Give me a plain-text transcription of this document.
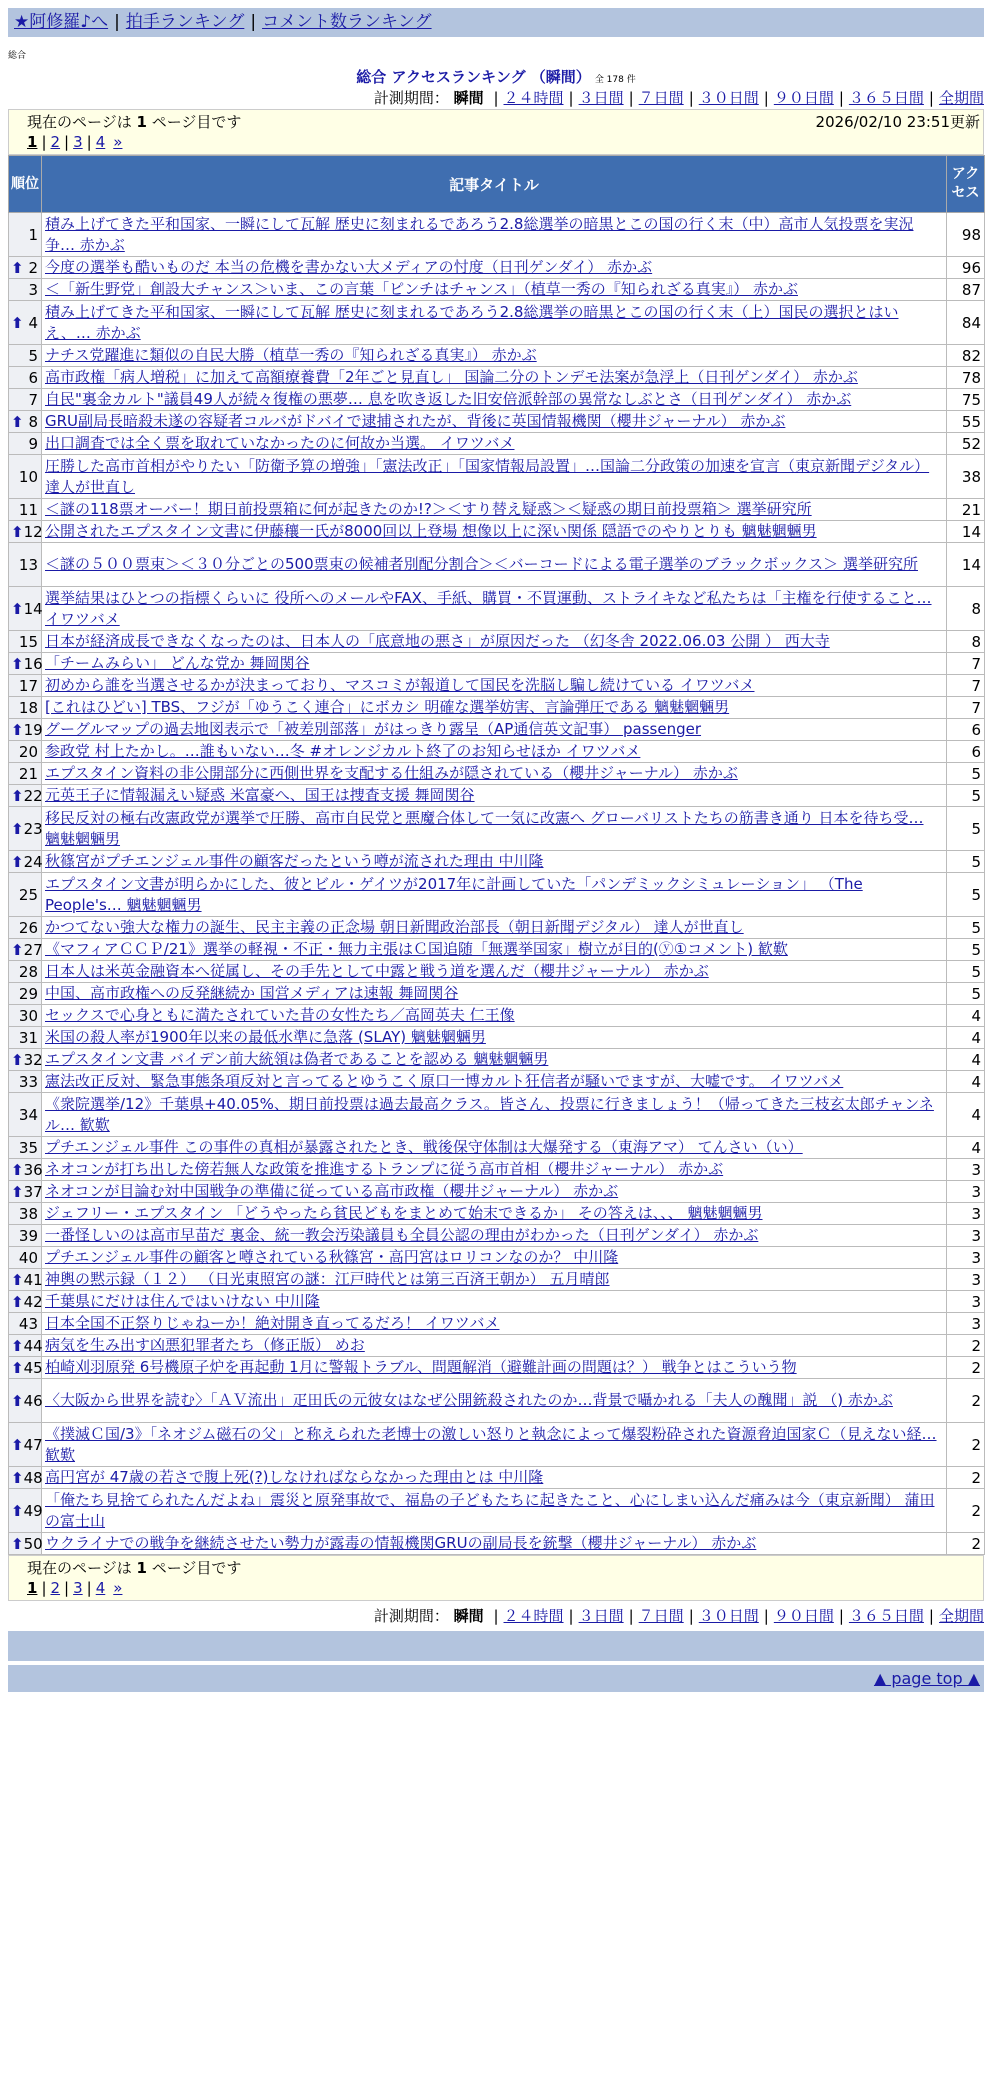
★阿修羅♪へ | 拍手ランキング | コメント数ランキング
総合
総合 アクセスランキング （瞬間） 全 178 件
計測期間： 瞬間 | ２４時間 | ３日間 | ７日間 | ３０日間 | ９０日間 | ３６５日間 | 全期間
現在のページは 1 ページ目です	2026/02/10 23:51更新
1 | 2 | 3 | 4 »
順位	記事タイトル	アクセス
1	積み上げてきた平和国家、一瞬にして瓦解 歴史に刻まれるであろう2.8総選挙の暗黒とこの国の行く末（中）高市人気投票を実況争… 赤かぶ	98

⬆ 2	今度の選挙も酷いものだ 本当の危機を書かない大メディアの忖度（日刊ゲンダイ） 赤かぶ	96
3	＜「新生野党」創設大チャンス＞いま、この言葉「ピンチはチャンス」（植草一秀の『知られざる真実』） 赤かぶ	87

⬆ 4	積み上げてきた平和国家、一瞬にして瓦解 歴史に刻まれるであろう2.8総選挙の暗黒とこの国の行く末（上）国民の選択とはいえ、… 赤かぶ	84
5	ナチス党躍進に類似の自民大勝（植草一秀の『知られざる真実』） 赤かぶ	82
6	高市政権「病人増税」に加えて高額療養費「2年ごと見直し」 国論二分のトンデモ法案が急浮上（日刊ゲンダイ） 赤かぶ	78
7	自民"裏金カルト"議員49人が続々復権の悪夢… 息を吹き返した旧安倍派幹部の異常なしぶとさ（日刊ゲンダイ） 赤かぶ	75

⬆ 8	GRU副局長暗殺未遂の容疑者コルバがドバイで逮捕されたが、背後に英国情報機関（櫻井ジャーナル） 赤かぶ	55
9	出口調査では全く票を取れていなかったのに何故か当選。 イワツバメ	52
10	圧勝した高市首相がやりたい「防衛予算の増強」「憲法改正」「国家情報局設置」…国論二分政策の加速を宣言（東京新聞デジタル） 達人が世直し	38
11	＜謎の118票オーバー！期日前投票箱に何が起きたのか!?＞＜すり替え疑惑＞＜疑惑の期日前投票箱＞ 選挙研究所	21

⬆ 12	公開されたエプスタイン文書に伊藤穰一氏が8000回以上登場 想像以上に深い関係 隠語でのやりとりも 魑魅魍魎男	14
13	＜謎の５００票束＞＜３０分ごとの500票束の候補者別配分割合＞＜バーコードによる電子選挙のブラックボックス＞ 選挙研究所	14

⬆ 14	選挙結果はひとつの指標くらいに 役所へのメールやFAX、手紙、購買・不買運動、ストライキなど私たちは「主権を行使すること… イワツバメ	8
15	日本が経済成長できなくなったのは、日本人の「底意地の悪さ」が原因だった （幻冬舎 2022.06.03 公開 ） 西大寺	8

⬆ 16	「チームみらい」 どんな党か 舞岡関谷	7
17	初めから誰を当選させるかが決まっており、マスコミが報道して国民を洗脳し騙し続けている イワツバメ	7
18	[これはひどい] TBS、フジが「ゆうこく連合」にボカシ 明確な選挙妨害、言論弾圧である 魑魅魍魎男	7

⬆ 19	グーグルマップの過去地図表示で「被差別部落」がはっきり露呈（AP通信英文記事） passenger	6
20	参政党 村上たかし。…誰もいない…冬 #オレンジカルト終了のお知らせほか イワツバメ	6
21	エプスタイン資料の非公開部分に西側世界を支配する仕組みが隠されている（櫻井ジャーナル） 赤かぶ	5

⬆ 22	元英王子に情報漏えい疑惑 米富豪へ、国王は捜査支援 舞岡関谷	5

⬆ 23	移民反対の極右改憲政党が選挙で圧勝、高市自民党と悪魔合体して一気に改憲へ グローバリストたちの筋書き通り 日本を待ち受… 魑魅魍魎男	5

⬆ 24	秋篠宮がプチエンジェル事件の顧客だったという噂が流された理由 中川隆	5
25	エプスタイン文書が明らかにした、彼とビル・ゲイツが2017年に計画していた「パンデミックシミュレーション」 （The People's… 魑魅魍魎男	5
26	かつてない強大な権力の誕生、民主主義の正念場 朝日新聞政治部長（朝日新聞デジタル） 達人が世直し	5

⬆ 27	《マフィアＣＣＰ/21》選挙の軽視・不正・無力主張はＣ国追随「無選挙国家」樹立が目的(ⓨ①コメント) 歓歎	5
28	日本人は米英金融資本へ従属し、その手先として中露と戦う道を選んだ（櫻井ジャーナル） 赤かぶ	5
29	中国、高市政権への反発継続か 国営メディアは速報 舞岡関谷	5
30	セックスで心身ともに満たされていた昔の女性たち／高岡英夫 仁王像	4
31	米国の殺人率が1900年以来の最低水準に急落 (SLAY) 魑魅魍魎男	4

⬆ 32	エプスタイン文書 バイデン前大統領は偽者であることを認める 魑魅魍魎男	4
33	憲法改正反対、緊急事態条項反対と言ってるとゆうこく原口一博カルト狂信者が騒いでますが、大嘘です。 イワツバメ	4
34	《衆院選挙/12》千葉県+40.05%、期日前投票は過去最高クラス。皆さん、投票に行きましょう！（帰ってきた三枝玄太郎チャンネル… 歓歎	4
35	プチエンジェル事件 この事件の真相が暴露されたとき、戦後保守体制は大爆発する（東海アマ） てんさい（い）	4

⬆ 36	ネオコンが打ち出した傍若無人な政策を推進するトランプに従う高市首相（櫻井ジャーナル） 赤かぶ	3

⬆ 37	ネオコンが目論む対中国戦争の準備に従っている高市政権（櫻井ジャーナル） 赤かぶ	3
38	ジェフリー・エプスタイン 「どうやったら貧民どもをまとめて始末できるか」 その答えは、、、 魑魅魍魎男	3
39	一番怪しいのは高市早苗だ 裏金、統一教会汚染議員も全員公認の理由がわかった（日刊ゲンダイ） 赤かぶ	3
40	プチエンジェル事件の顧客と噂されている秋篠宮・高円宮はロリコンなのか？ 中川隆	3

⬆ 41	神輿の黙示録（１２） （日光東照宮の謎：江戸時代とは第三百済王朝か） 五月晴郎	3

⬆ 42	千葉県にだけは住んではいけない 中川隆	3
43	日本全国不正祭りじゃねーか！絶対開き直ってるだろ！ イワツバメ	3

⬆ 44	病気を生み出す凶悪犯罪者たち（修正版） めお	2

⬆ 45	柏崎刈羽原発 6号機原子炉を再起動 1月に警報トラブル、問題解消（避難計画の問題は？） 戦争とはこういう物	2

⬆ 46	〈大阪から世界を読む〉「ＡＶ流出」疋田氏の元彼女はなぜ公開銃殺されたのか…背景で囁かれる「夫人の醜聞」説 （) 赤かぶ	2

⬆ 47	《撲滅Ｃ国/3》「ネオジム磁石の父」と称えられた老博士の激しい怒りと執念によって爆裂粉砕された資源脅迫国家Ｃ（見えない経… 歓歎	2

⬆ 48	高円宮が 47歳の若さで腹上死(?)しなければならなかった理由とは 中川隆	2

⬆ 49	「俺たち見捨てられたんだよね」震災と原発事故で、福島の子どもたちに起きたこと、心にしまい込んだ痛みは今（東京新聞） 蒲田の富士山	2

⬆ 50	ウクライナでの戦争を継続させたい勢力が露毒の情報機関GRUの副局長を銃撃（櫻井ジャーナル） 赤かぶ	2
現在のページは 1 ページ目です
1 | 2 | 3 | 4 »
計測期間： 瞬間 | ２４時間 | ３日間 | ７日間 | ３０日間 | ９０日間 | ３６５日間 | 全期間
▲ page top ▲
